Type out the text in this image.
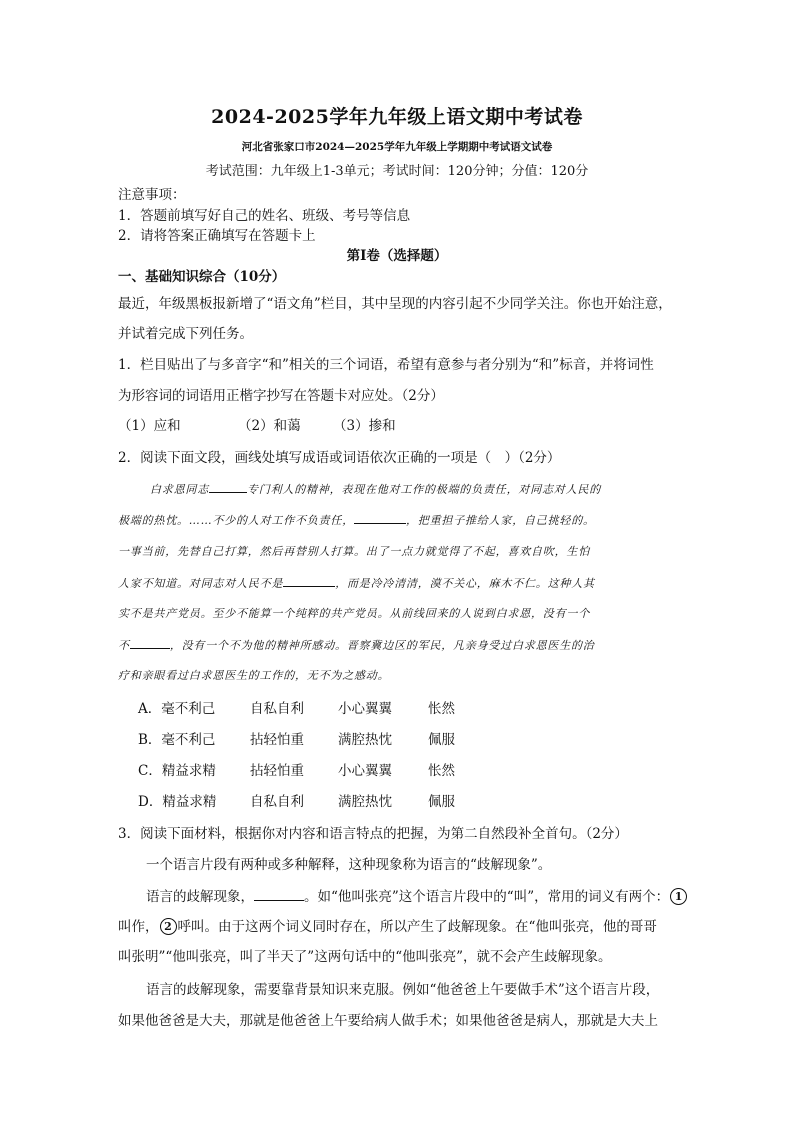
2024-2025学年九年级上语文期中考试卷
河北省张家口市2024—2025学年九年级上学期期中考试语文试卷
考试范围：九年级上1-3单元；考试时间：120分钟；分值：120分
注意事项：
1．答题前填写好自己的姓名、班级、考号等信息
2．请将答案正确填写在答题卡上
第Ⅰ卷（选择题）
一、基础知识综合（10分）
最近，年级黑板报新增了“语文角”栏目，其中呈现的内容引起不少同学关注。你也开始注意，
并试着完成下列任务。
1．栏目贴出了与多音字“和”相关的三个词语，希望有意参与者分别为“和”标音，并将词性
为形容词的词语用正楷字抄写在答题卡对应处。（2分）
（1）应和	（2）和蔼 （3）掺和
2．阅读下面文段，画线处填写成语或词语依次正确的一项是（　）（2分）
白求恩同志	专门利人的精神，表现在他对工作的极端的负责任，对同志对人民的
极端的热忱。……不少的人对工作不负责任，	，把重担子推给人家，自己挑轻的。
一事当前，先替自己打算，然后再替别人打算。出了一点力就觉得了不起，喜欢自吹，生怕
人家不知道。对同志对人民不是	，而是冷冷清清，漠不关心，麻木不仁。这种人其
实不是共产党员。至少不能算一个纯粹的共产党员。从前线回来的人说到白求恩，没有一个
不	，没有一个不为他的精神所感动。晋察冀边区的军民，凡亲身受过白求恩医生的治
疗和亲眼看过白求恩医生的工作的，无不为之感动。
A．毫不利己	自私自利	小心翼翼	怅然
B．毫不利己	拈轻怕重	满腔热忱	佩服
C．精益求精	拈轻怕重	小心翼翼	怅然
D．精益求精 自私自利	满腔热忱	佩服
3．阅读下面材料，根据你对内容和语言特点的把握，为第二自然段补全首句。（2分）
一个语言片段有两种或多种解释，这种现象称为语言的“歧解现象”。
语言的歧解现象，	。如“他叫张亮”这个语言片段中的“叫”，常用的词义有两个： 1
叫作， 2 呼叫。由于这两个词义同时存在，所以产生了歧解现象。在“他叫张亮，他的哥哥
叫张明”“他叫张亮，叫了半天了”这两句话中的“他叫张亮”，就不会产生歧解现象。
语言的歧解现象，需要靠背景知识来克服。例如“他爸爸上午要做手术”这个语言片段，
如果他爸爸是大夫，那就是他爸爸上午要给病人做手术；如果他爸爸是病人，那就是大夫上
